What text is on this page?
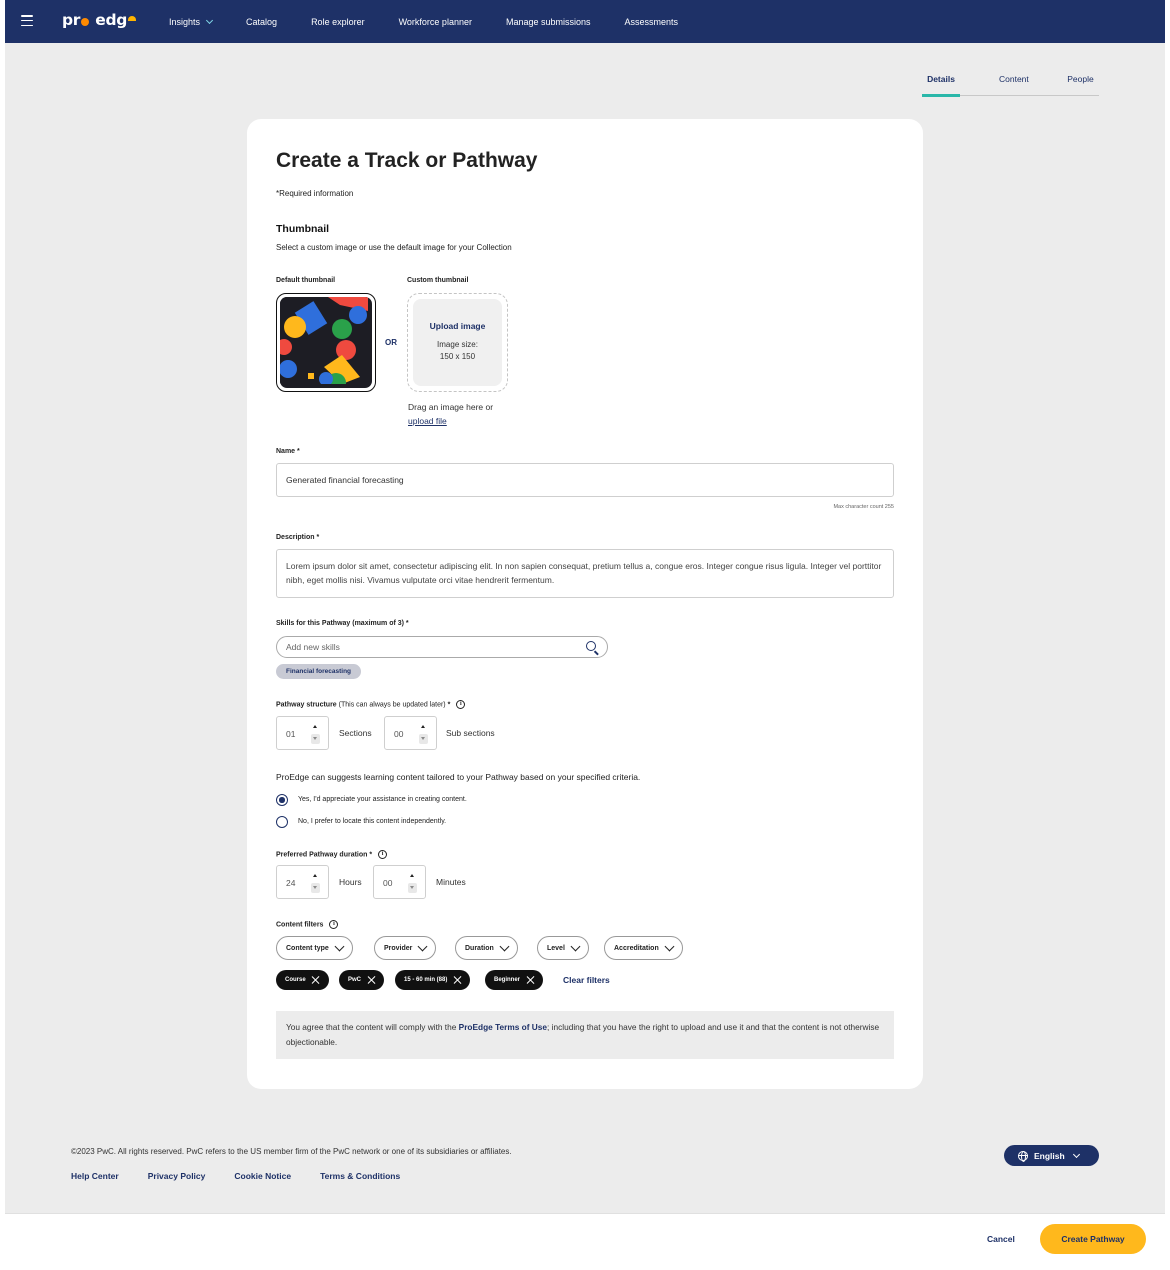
pr
edg	Insights	Catalog	Role explorer	Workforce planner	Manage submissions	Assessments
Details	Content	People
Create a Track or Pathway
*Required information
Thumbnail
Select a custom image or use the default image for your Collection
Default thumbnail	Custom thumbnail
OR
Upload image
Image size:
150 x 150
Drag an image here or
upload file
Name *
Generated financial forecasting
Max character count 255
Description *
Lorem ipsum dolor sit amet, consectetur adipiscing elit. In non sapien consequat, pretium tellus a, congue eros. Integer congue risus ligula. Integer vel porttitor nibh, eget mollis nisi. Vivamus vulputate orci vitae hendrerit fermentum.
Skills for this Pathway (maximum of 3) *
Add new skills
Financial forecasting
Pathway structure (This can always be updated later) * i
01	Sections	00	Sub sections
ProEdge can suggests learning content tailored to your Pathway based on your specified criteria.
Yes, I'd appreciate your assistance in creating content.
No, I prefer to locate this content independently.
Preferred Pathway duration * i
24	Hours	00	Minutes
Content filters i
Content type	Provider	Duration	Level	Accreditation
Course	PwC	15 - 60 min (88)	Beginner	Clear filters
You agree that the content will comply with the ProEdge Terms of Use; including that you have the right to upload and use it and that the content is not otherwise objectionable.
©2023 PwC. All rights reserved. PwC refers to the US member firm of the PwC network or one of its subsidiaries or affiliates.
Help Center	Privacy Policy	Cookie Notice	Terms & Conditions
English
Cancel	Create Pathway
